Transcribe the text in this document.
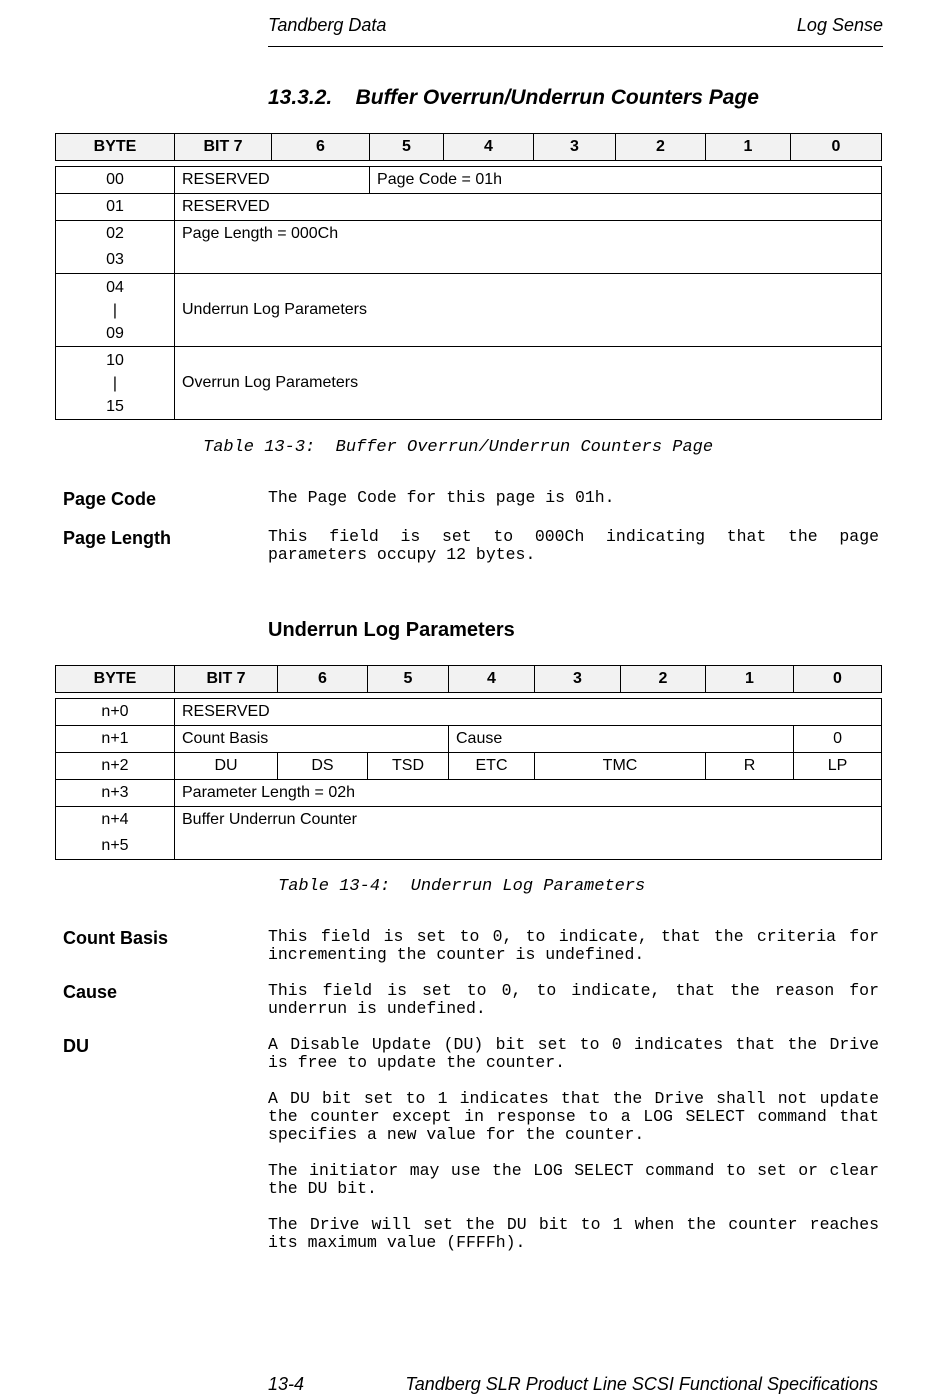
Tandberg Data	Log Sense
13.3.2. Buffer Overrun/Underrun Counters Page
BYTE	BIT 7	6	5	4	3	2	1	0
00	RESERVED	Page Code = 01h
01	RESERVED	

02
03	Page Length = 000Ch	

04
|
09	Underrun Log Parameters	

10
|
15	Overrun Log Parameters	
Table 13-3:  Buffer Overrun/Underrun Counters Page
Page Code	The Page Code for this page is 01h.
Page Length	This field is set to 000Ch indicating that the page parameters occupy 12 bytes.
Underrun Log Parameters
BYTE	BIT 7	6	5	4	3	2	1	0
n+0	RESERVED						
n+1	Count Basis			Cause			0
n+2	DU	DS	TSD	ETC	TMC	R	LP
n+3	Parameter Length = 02h						

n+4
n+5	Buffer Underrun Counter						
Table 13-4:  Underrun Log Parameters
Count Basis	This field is set to 0, to indicate, that the criteria for incrementing the counter is undefined.
Cause	This field is set to 0, to indicate, that the reason for underrun is undefined.
DU	A Disable Update (DU) bit set to 0 indicates that the Drive is free to update the counter.
A DU bit set to 1 indicates that the Drive shall not update the counter except in response to a LOG SELECT command that specifies a new value for the counter.
The initiator may use the LOG SELECT command to set or clear the DU bit.
The Drive will set the DU bit to 1 when the counter reaches its maximum value (FFFFh).
13-4	Tandberg SLR Product Line SCSI Functional Specifications
